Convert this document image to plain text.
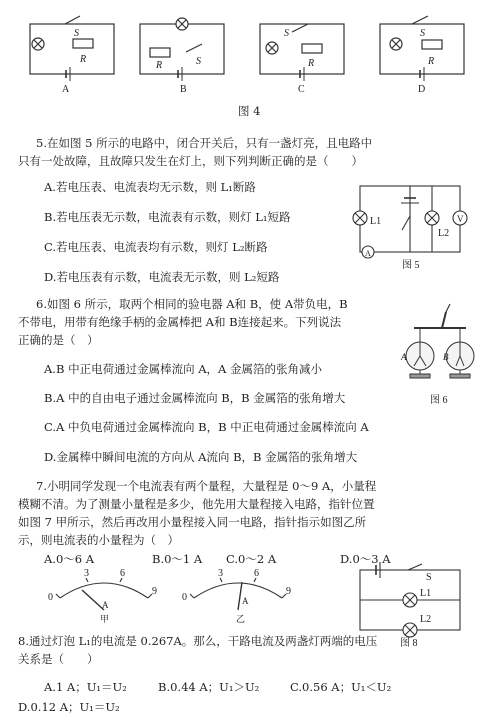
S
R
R	S
S
R
S
R
A	B	C	D
图 4
5.在如图 5 所示的电路中，闭合开关后，只有一盏灯亮，且电路中
只有一处故障，且故障只发生在灯上，则下列判断正确的是（　　）
A.若电压表、电流表均无示数，则 L₁断路
B.若电压表无示数，电流表有示数，则灯 L₁短路
C.若电压表、电流表均有示数，则灯 L₂断路
D.若电压表有示数，电流表无示数，则 L₂短路
L1
L2
A
V
图 5
6.如图 6 所示，取两个相同的验电器 A和 B，使 A带负电，B
不带电，用带有绝缘手柄的金属棒把 A和 B连接起来。下列说法
正确的是（　）
A.B 中正电荷通过金属棒流向 A，A 金属箔的张角减小
B.A 中的自由电子通过金属棒流向 B，B 金属箔的张角增大
C.A 中负电荷通过金属棒流向 B，B 中正电荷通过金属棒流向 A
D.金属棒中瞬间电流的方向从 A流向 B，B 金属箔的张角增大
A	B
图 6
7.小明同学发现一个电流表有两个量程，大量程是 0～9 A，小量程
模糊不清。为了测量小量程是多少，他先用大量程接入电路，指针位置
如图 7 甲所示，然后再改用小量程接入同一电路，指针指示如图乙所
示，则电流表的小量程为（　）
A.0～6 A	B.0～1 A C.0～2 A	D.0～3 A
0
3	6
9
A
甲
0
3	6
9
A
乙
S
L1
L2
图 8
8.通过灯泡 L₁的电流是 0.267A。那么，干路电流及两盏灯两端的电压
关系是（　　）
A.1 A；U₁＝U₂	B.0.44 A；U₁＞U₂	C.0.56 A；U₁＜U₂
D.0.12 A；U₁＝U₂
